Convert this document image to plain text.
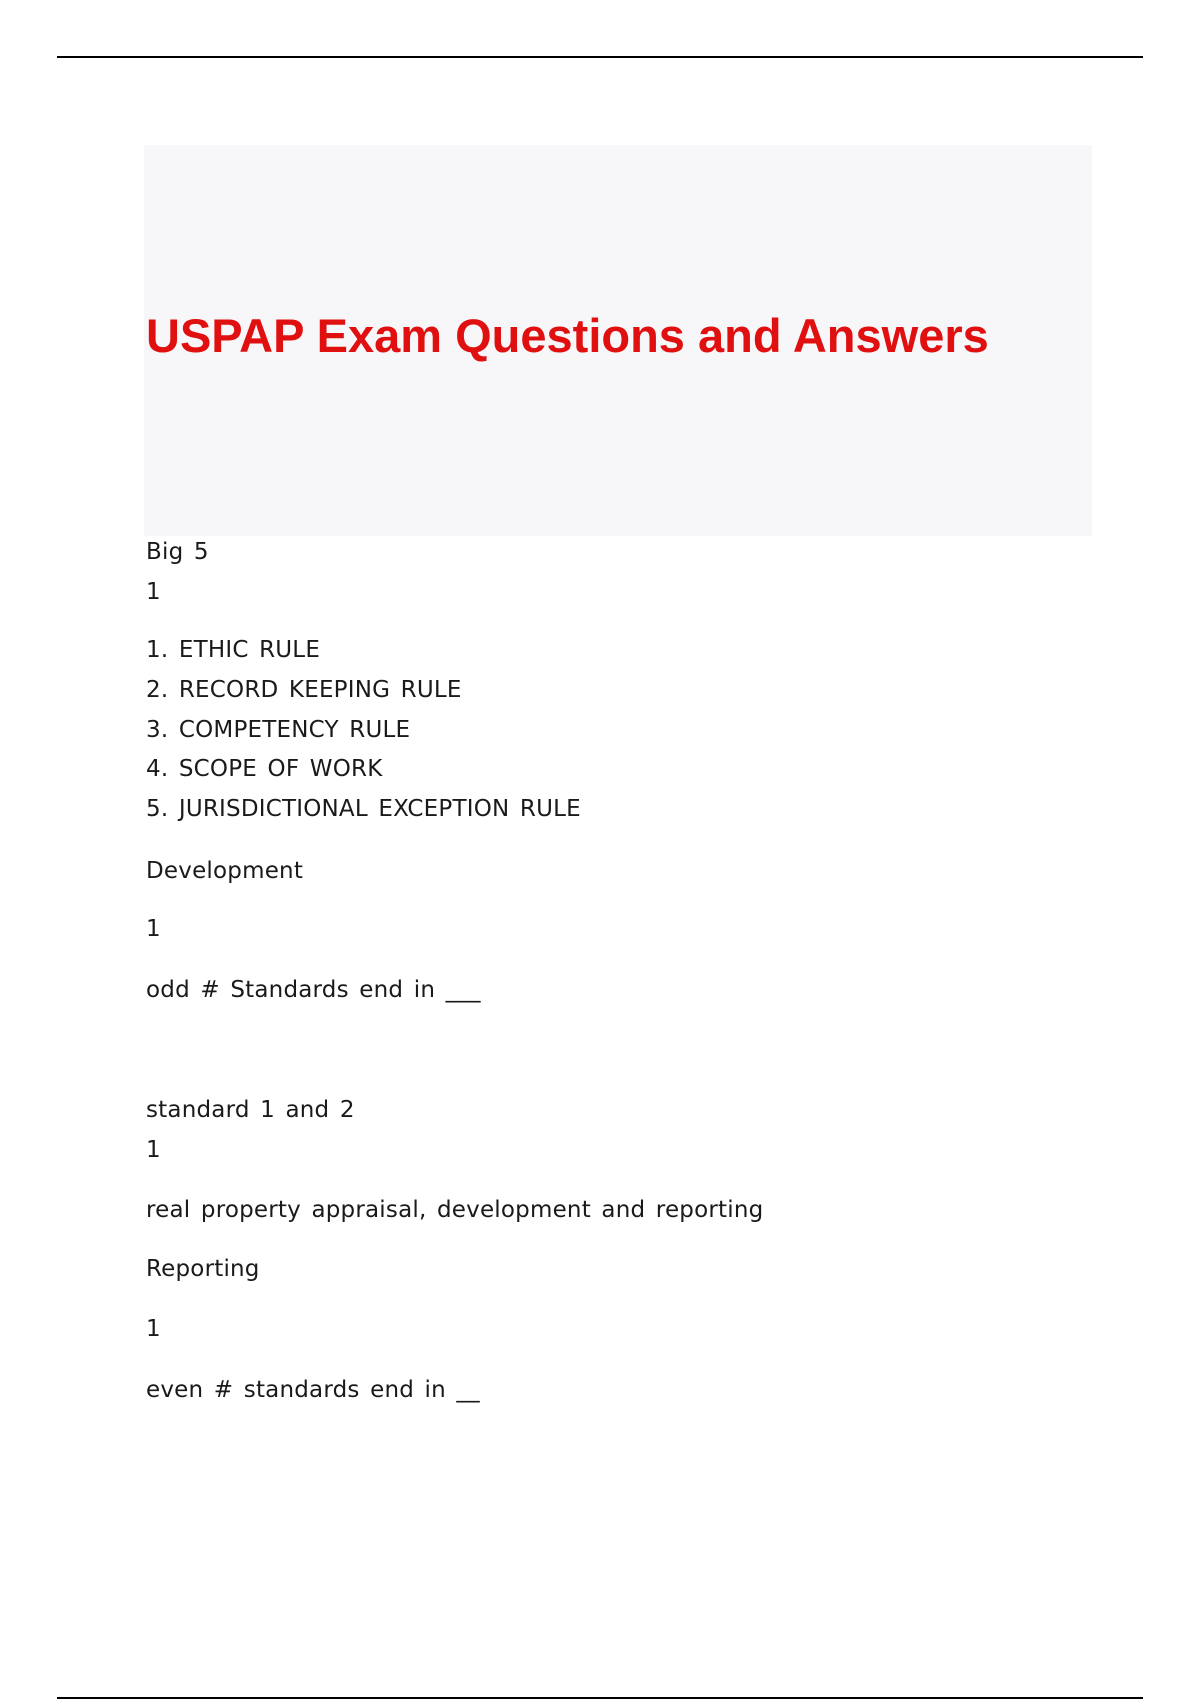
USPAP Exam Questions and Answers
Big 5
1
1. ETHIC RULE
2. RECORD KEEPING RULE
3. COMPETENCY RULE
4. SCOPE OF WORK
5. JURISDICTIONAL EXCEPTION RULE
Development
1
odd # Standards end in ___
standard 1 and 2
1
real property appraisal, development and reporting
Reporting
1
even # standards end in __
